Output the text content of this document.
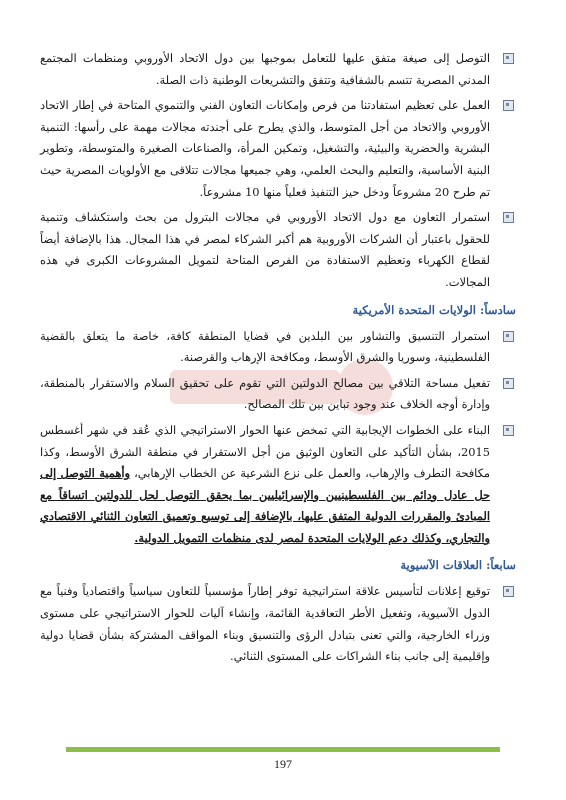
التوصل إلى صيغة متفق عليها للتعامل بموجبها بين دول الاتحاد الأوروبي ومنظمات المجتمع المدني المصرية تتسم بالشفافية وتتفق والتشريعات الوطنية ذات الصلة.
العمل على تعظيم استفادتنا من فرص وإمكانات التعاون الفني والتنموي المتاحة في إطار الاتحاد الأوروبي والاتحاد من أجل المتوسط، والذي يطرح على أجندته مجالات مهمة على رأسها: التنمية البشرية والحضرية والبيئية، والتشغيل، وتمكين المرأة، والصناعات الصغيرة والمتوسطة، وتطوير البنية الأساسية، والتعليم والبحث العلمي، وهي جميعها مجالات تتلاقى مع الأولويات المصرية حيث تم طرح 20 مشروعاً ودخل حيز التنفيذ فعلياً منها 10 مشروعاً.
استمرار التعاون مع دول الاتحاد الأوروبي في مجالات البترول من بحث واستكشاف وتنمية للحقول باعتبار أن الشركات الأوروبية هم أكبر الشركاء لمصر في هذا المجال. هذا بالإضافة أيضاً لقطاع الكهرباء وتعظيم الاستفادة من الفرص المتاحة لتمويل المشروعات الكبرى في هذه المجالات.
سادساً: الولايات المتحدة الأمريكية
استمرار التنسيق والتشاور بين البلدين في قضايا المنطقة كافة، خاصة ما يتعلق بالقضية الفلسطينية، وسوريا والشرق الأوسط، ومكافحة الإرهاب والقرصنة.
تفعيل مساحة التلاقي بين مصالح الدولتين التي تقوم على تحقيق السلام والاستقرار بالمنطقة، وإدارة أوجه الخلاف عند وجود تباين بين تلك المصالح.
البناء على الخطوات الإيجابية التي تمخض عنها الحوار الاستراتيجي الذي عُقد في شهر أغسطس 2015، بشأن التأكيد على التعاون الوثيق من أجل الاستقرار في منطقة الشرق الأوسط، وكذا مكافحة التطرف والإرهاب، والعمل على نزع الشرعية عن الخطاب الإرهابي، وأهمية التوصل إلى حل عادل ودائم بين الفلسطينيين والإسرائيليين بما يحقق التوصل لحل للدولتين اتساقاً مع المبادئ والمقررات الدولية المتفق عليها، بالإضافة إلى توسيع وتعميق التعاون الثنائي الاقتصادي والتجاري، وكذلك دعم الولايات المتحدة لمصر لدى منظمات التمويل الدولية.
سابعاً: العلاقات الآسيوية
توقيع إعلانات لتأسيس علاقة استراتيجية توفر إطاراً مؤسسياً للتعاون سياسياً واقتصادياً وفنياً مع الدول الآسيوية، وتفعيل الأطر التعاقدية القائمة، وإنشاء آليات للحوار الاستراتيجي على مستوى وزراء الخارجية، والتي تعنى بتبادل الرؤى والتنسيق وبناء المواقف المشتركة بشأن قضايا دولية وإقليمية إلى جانب بناء الشراكات على المستوى الثنائي.
197
